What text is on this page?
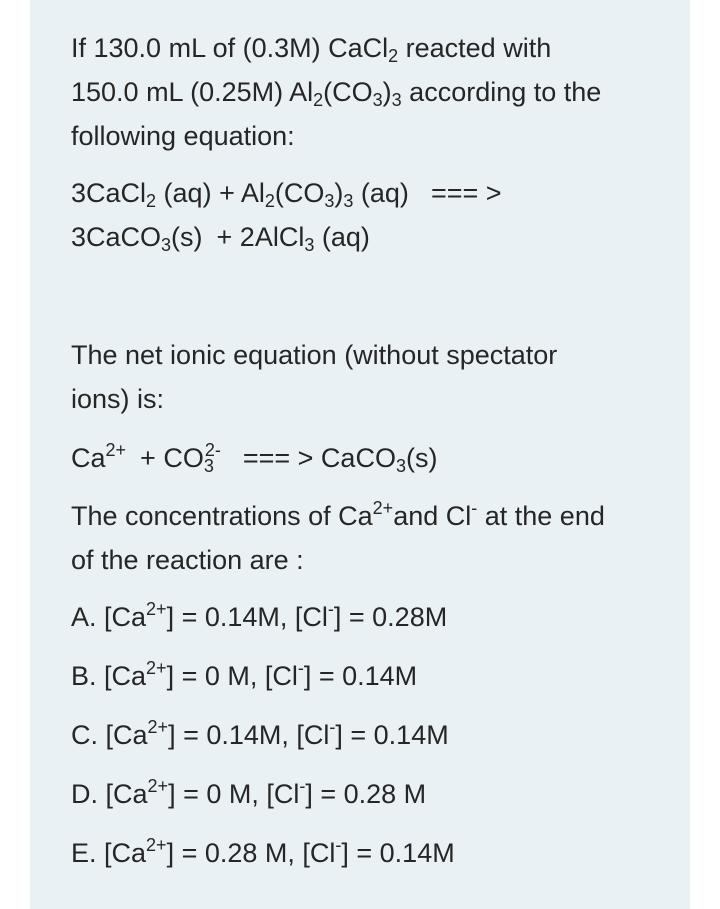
If 130.0 mL of (0.3M) CaCl$_2$ reacted with
150.0 mL (0.25M) $Al_2(CO_3)_3$ according to the
following equation:
3CaCl$_2$ $(aq) + Al_2(CO_3)_3$ (aq) === >
3CaCO$_3$(s) + 2AlCl$_3$ (aq)
The net ionic equation (without spectator
ions) is:
$Ca^{2+} + CO_3^{2-}$ === > CaCO$_3$(s)
The concentrations of $Ca^{2+}and$ Cl- at the end
of the reaction are :
A. $[Ca^{2+}] = 0.14M$, [Cl-] = 0.28M
B. $[Ca^{2+}] = 0$ M, [Cl-] = 0.14M
C. $[Ca^{2+}] = 0.14M$, [Cl-] = 0.14M
D. $[Ca^{2+}] = 0$ M, [Cl-] = 0.28 M
E. $[Ca^{2+}] = 0.28$ M, [Cl-] = 0.14M
